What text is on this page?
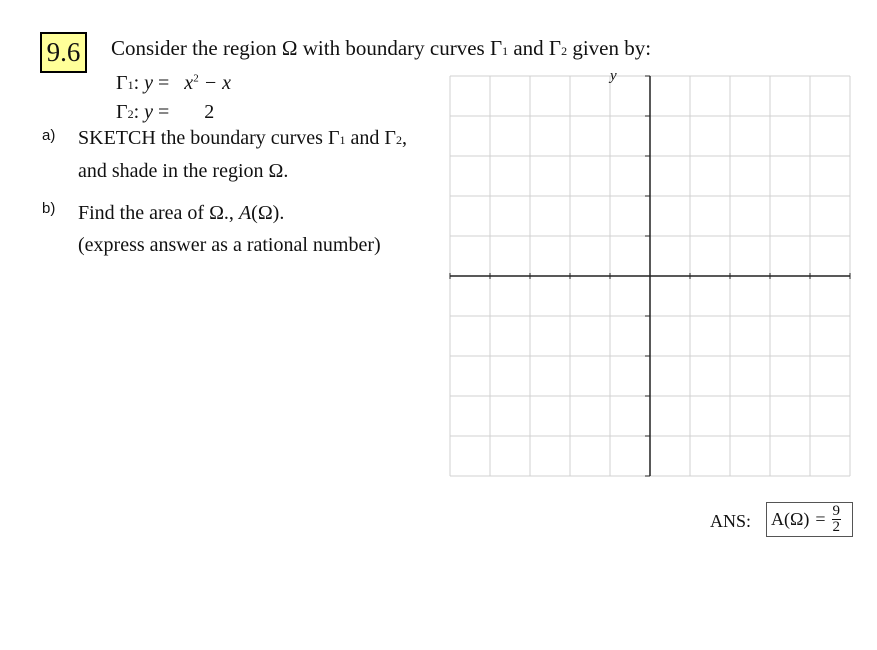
9.6	Consider the region Ω with boundary curves Γ1 and Γ2 given by:
Γ1: $y = x^2 - x$
Γ2: y = 2
a) SKETCH the boundary curves Γ1 and Γ2,
and shade in the region Ω.
b) Find the area of Ω., A(Ω).
(express answer as a rational number)
y
ANS: $A(\Omega) = \frac{9}{2}$
